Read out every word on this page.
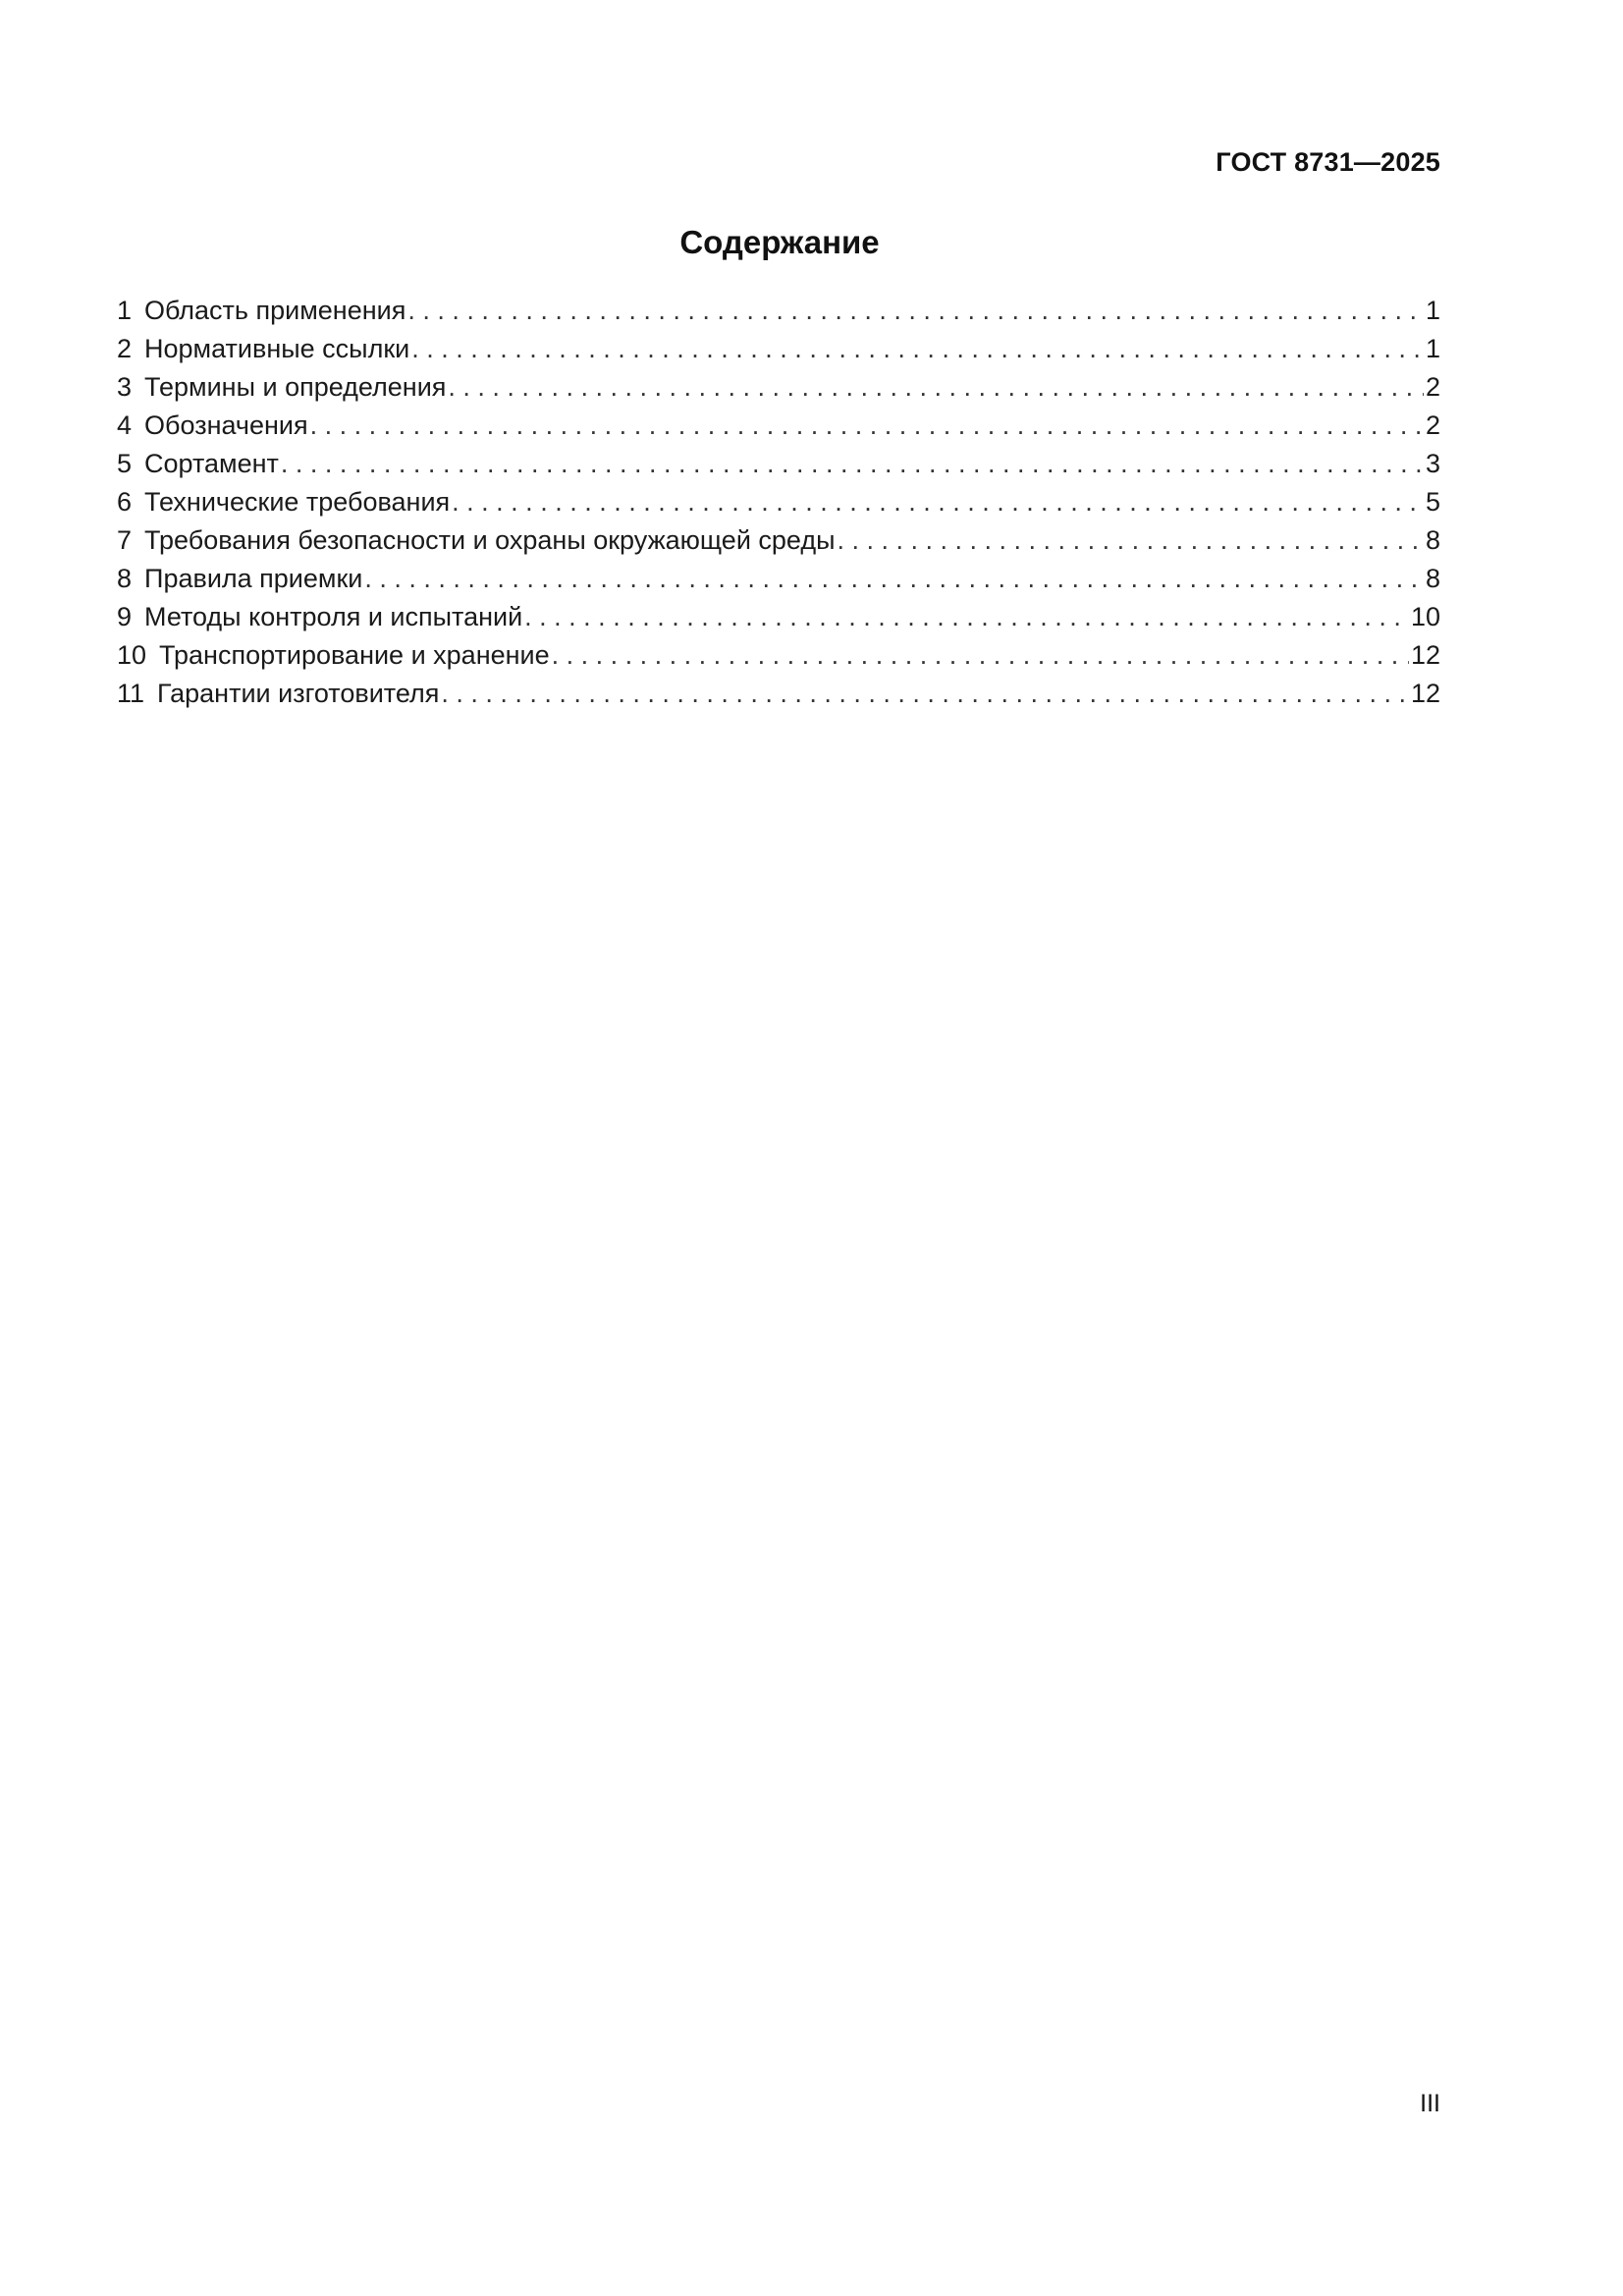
ГОСТ 8731—2025
Содержание
1 Область применения . . .	1
2 Нормативные ссылки . . .	1
3 Термины и определения . . .	2
4 Обозначения . . .	2
5 Сортамент . . .	3
6 Технические требования . . .	5
7 Требования безопасности и охраны окружающей среды . . .	8
8 Правила приемки . . .	8
9 Методы контроля и испытаний . . .	10
10 Транспортирование и хранение . . .	12
11 Гарантии изготовителя . . .	12
III
